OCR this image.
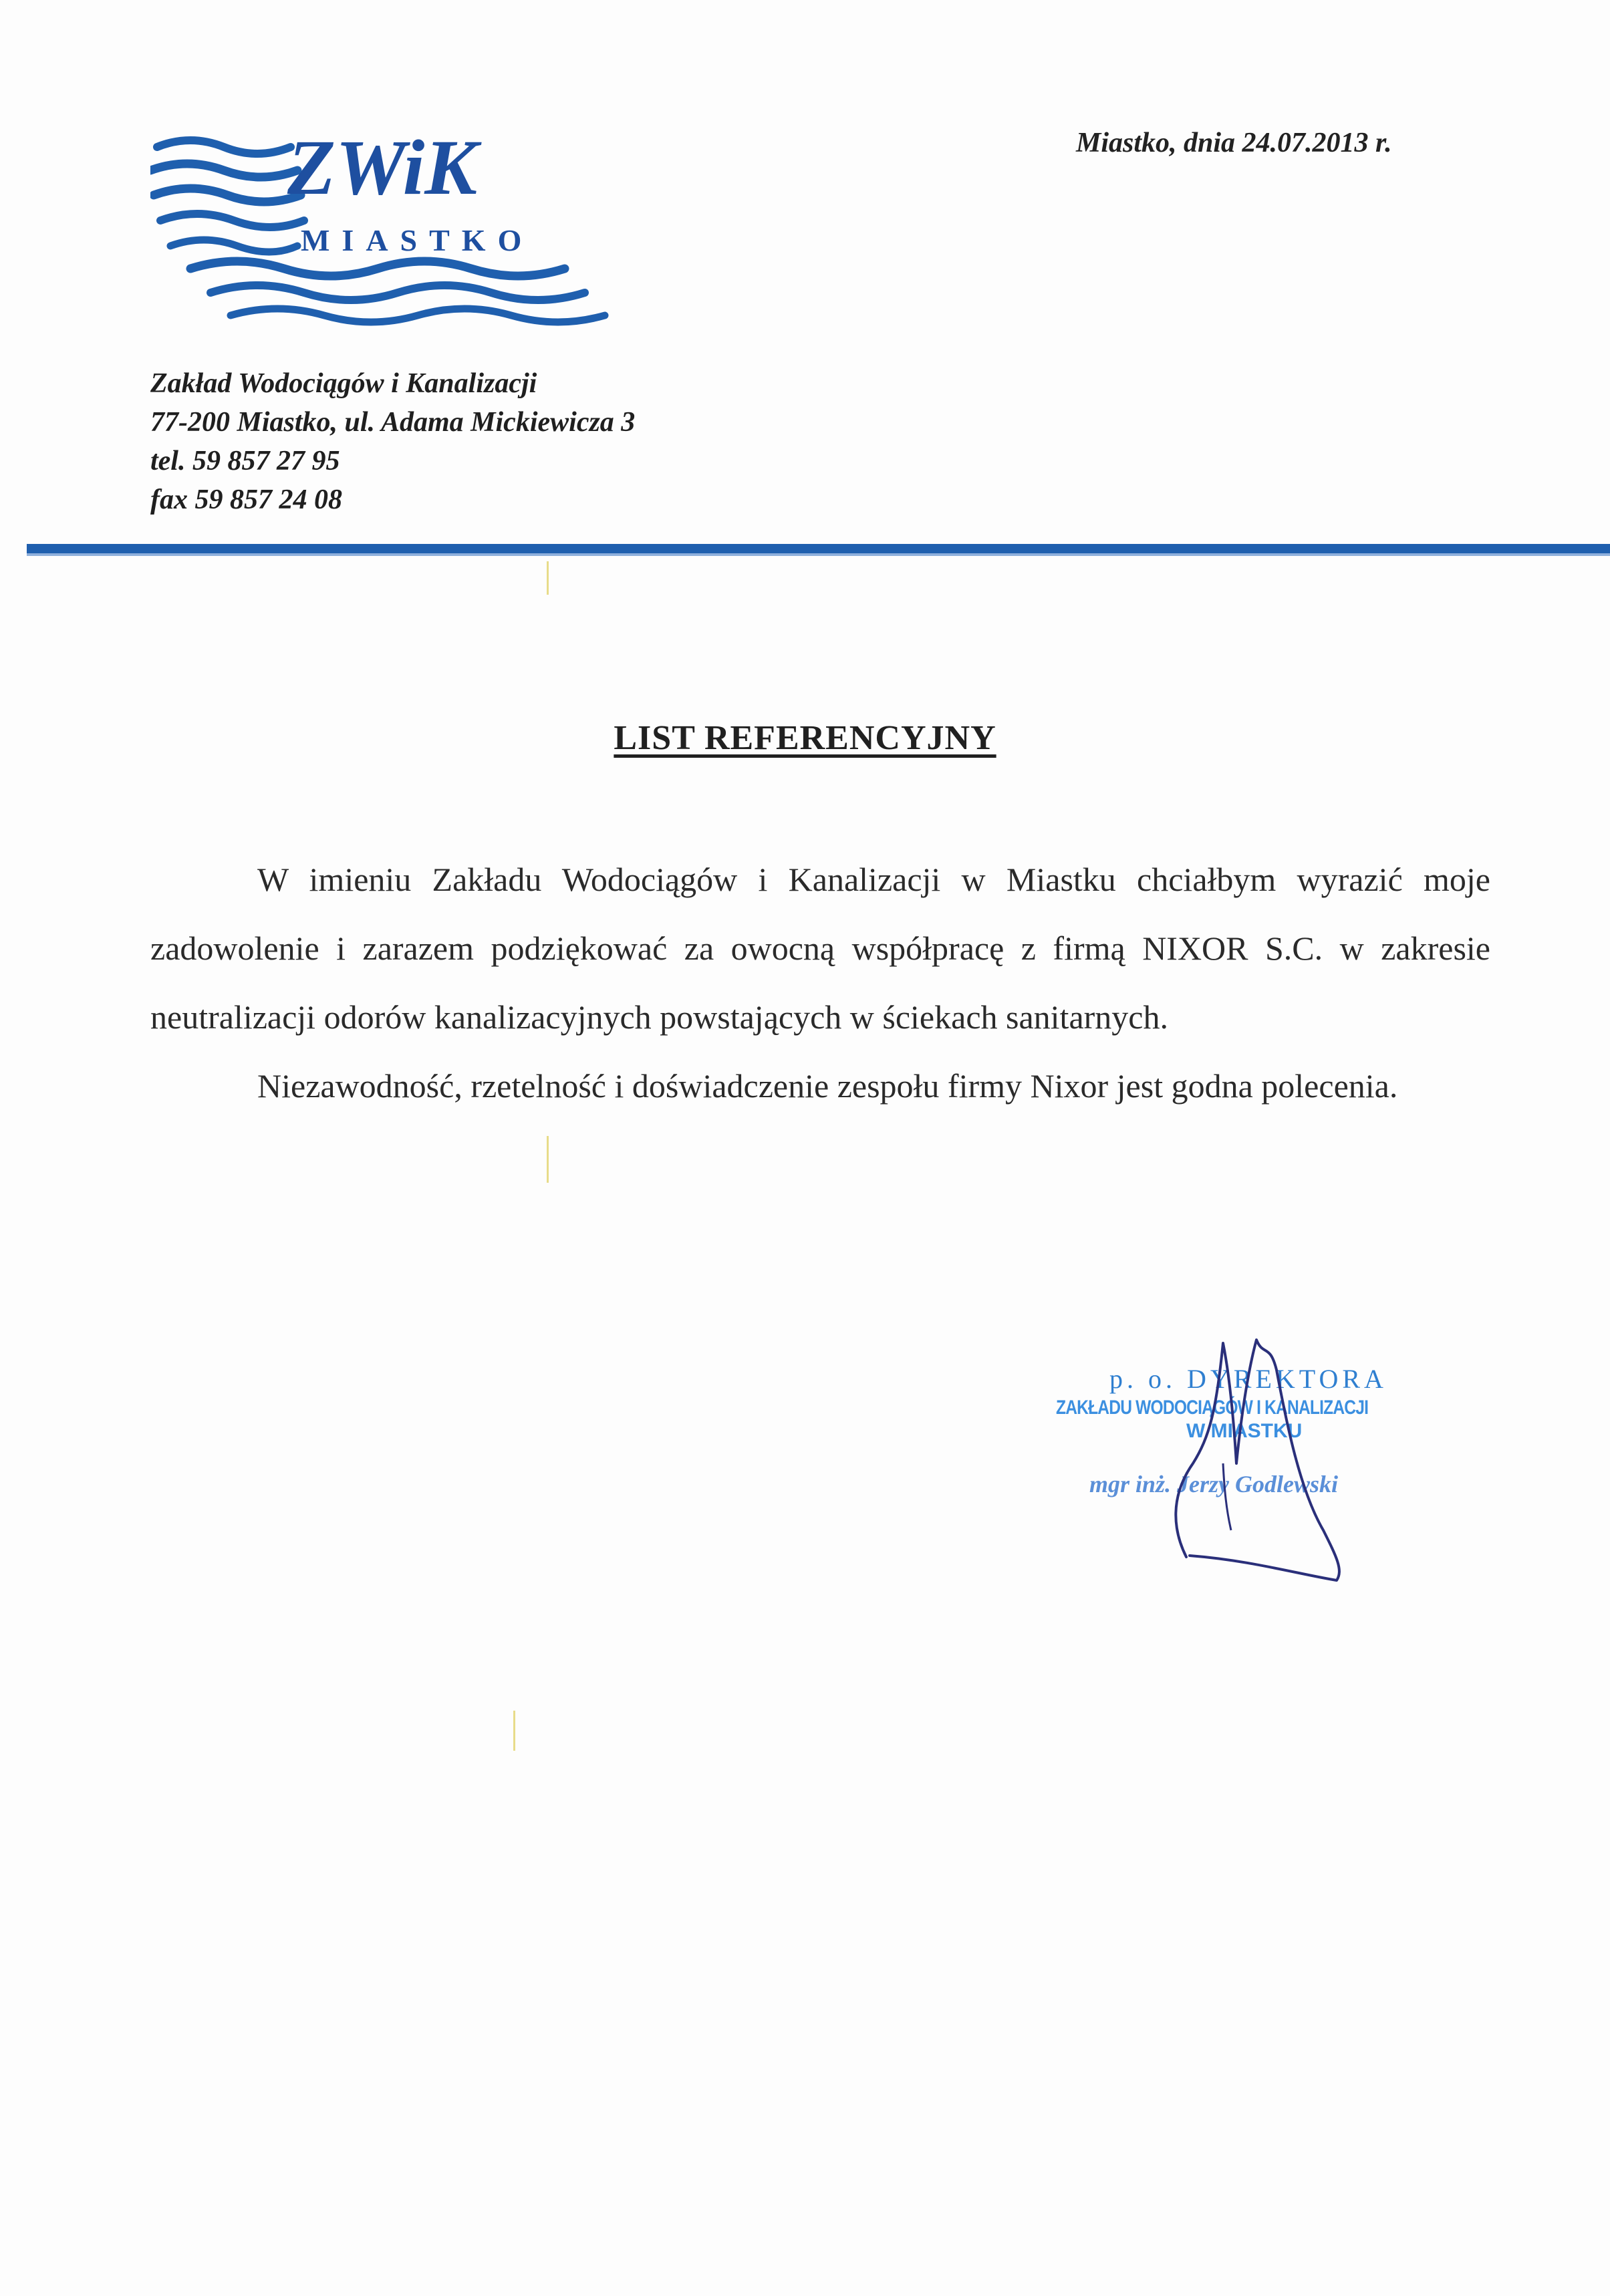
ZWiK
MIASTKO
Miastko, dnia 24.07.2013 r.
Zakład Wodociągów i Kanalizacji
77-200 Miastko, ul. Adama Mickiewicza 3
tel. 59 857 27 95
fax 59 857 24 08
LIST REFERENCYJNY

W imieniu Zakładu Wodociągów i Kanalizacji w Miastku chciałbym wyrazić moje zadowolenie i zarazem podziękować za owocną współpracę z firmą NIXOR S.C. w zakresie neutralizacji odorów kanalizacyjnych powstających w ściekach sanitarnych.

Niezawodność, rzetelność i doświadczenie zespołu firmy Nixor jest godna polecenia.

p. o. DYREKTORA
ZAKŁADU WODOCIĄGÓW I KANALIZACJI
W MIASTKU
mgr inż. Jerzy Godlewski
